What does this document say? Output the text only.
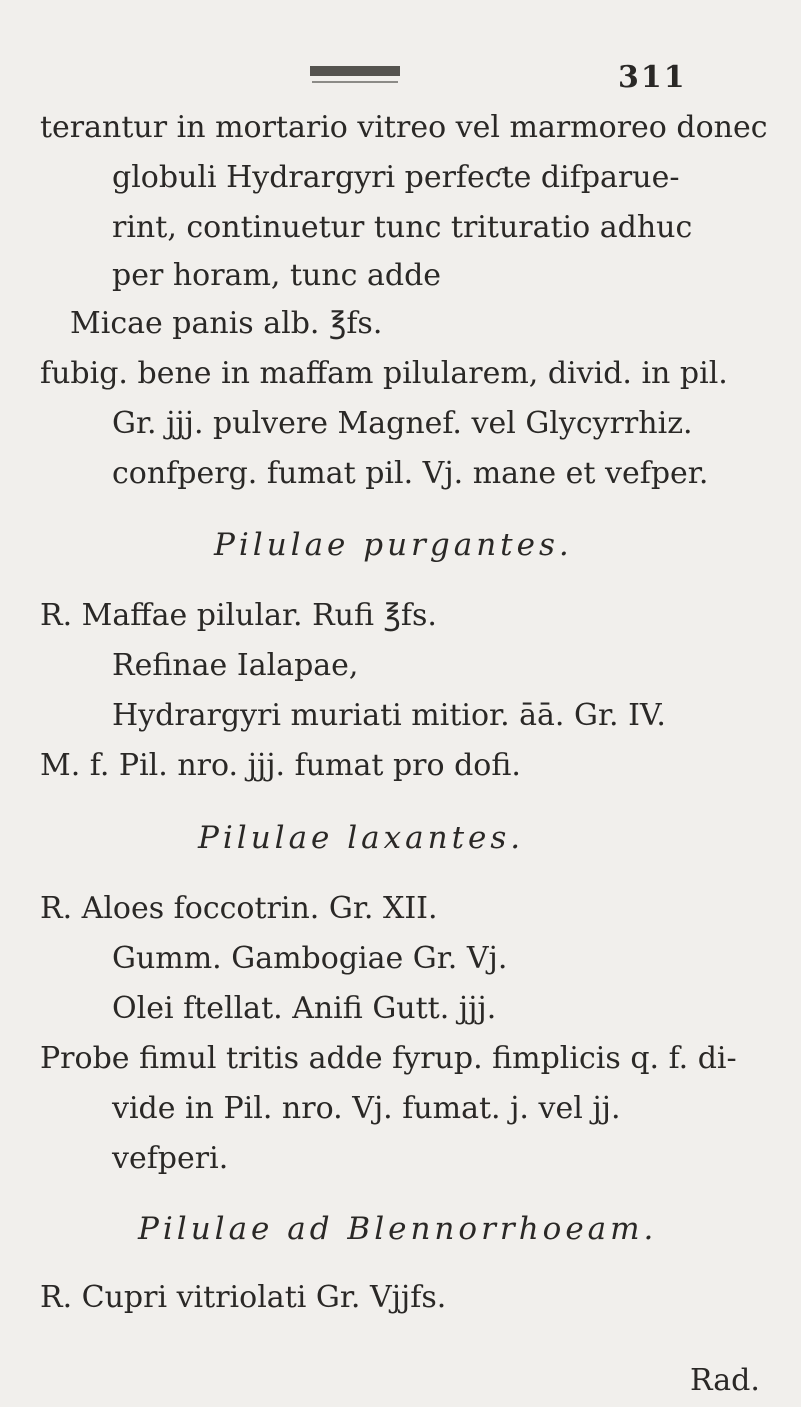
311
terantur in mortario vitreo vel marmoreo donec
globuli Hydrargyri perfeƈte difparue-
rint, continuetur tunc trituratio adhuc
per horam, tunc adde
Micae panis alb. ℥fs.
fubig. bene in maffam pilularem, divid. in pil.
Gr. jjj. pulvere Magnef. vel Glycyrrhiz.
confperg. fumat pil. Vj. mane et vefper.
Pilulae purgantes.
R. Maffae pilular. Rufi ℥fs.
Refinae Ialapae,
Hydrargyri muriati mitior. āā. Gr. IV.
M. f. Pil. nro. jjj. fumat pro dofi.
Pilulae laxantes.
R. Aloes foccotrin. Gr. XII.
Gumm. Gambogiae Gr. Vj.
Olei ftellat. Anifi Gutt. jjj.
Probe fimul tritis adde fyrup. fimplicis q. f. di-
vide in Pil. nro. Vj. fumat. j. vel jj.
vefperi.
Pilulae ad Blennorrhoeam.
R. Cupri vitriolati Gr. Vjjfs.
Rad.
